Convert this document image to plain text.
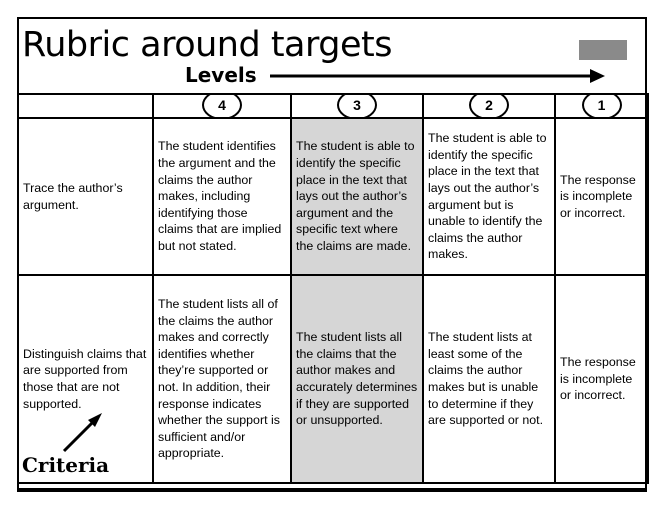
Rubric around targets
Levels
	4	3	2	1
Trace the author’s argument.	The student identifies the argument and the claims the author makes, including identifying those claims that are implied but not stated.	The student is able to identify the specific place in the text that lays out the author’s argument and the specific text where the claims are made.	The student is able to identify the specific place in the text that lays out the author’s argument but is unable to identify the claims the author makes.	The response is incomplete or incorrect.
Distinguish claims that are supported from those that are not supported.	The student lists all of the claims the author makes and correctly identifies whether they’re supported or not. In addition, their response indicates whether the support is sufficient and/or appropriate.	The student lists all the claims that the author makes and accurately determines if they are supported or unsupported.	The student lists at least some of the claims the author makes but is unable to determine if they are supported or not.	The response is incomplete or incorrect.
Criteria
